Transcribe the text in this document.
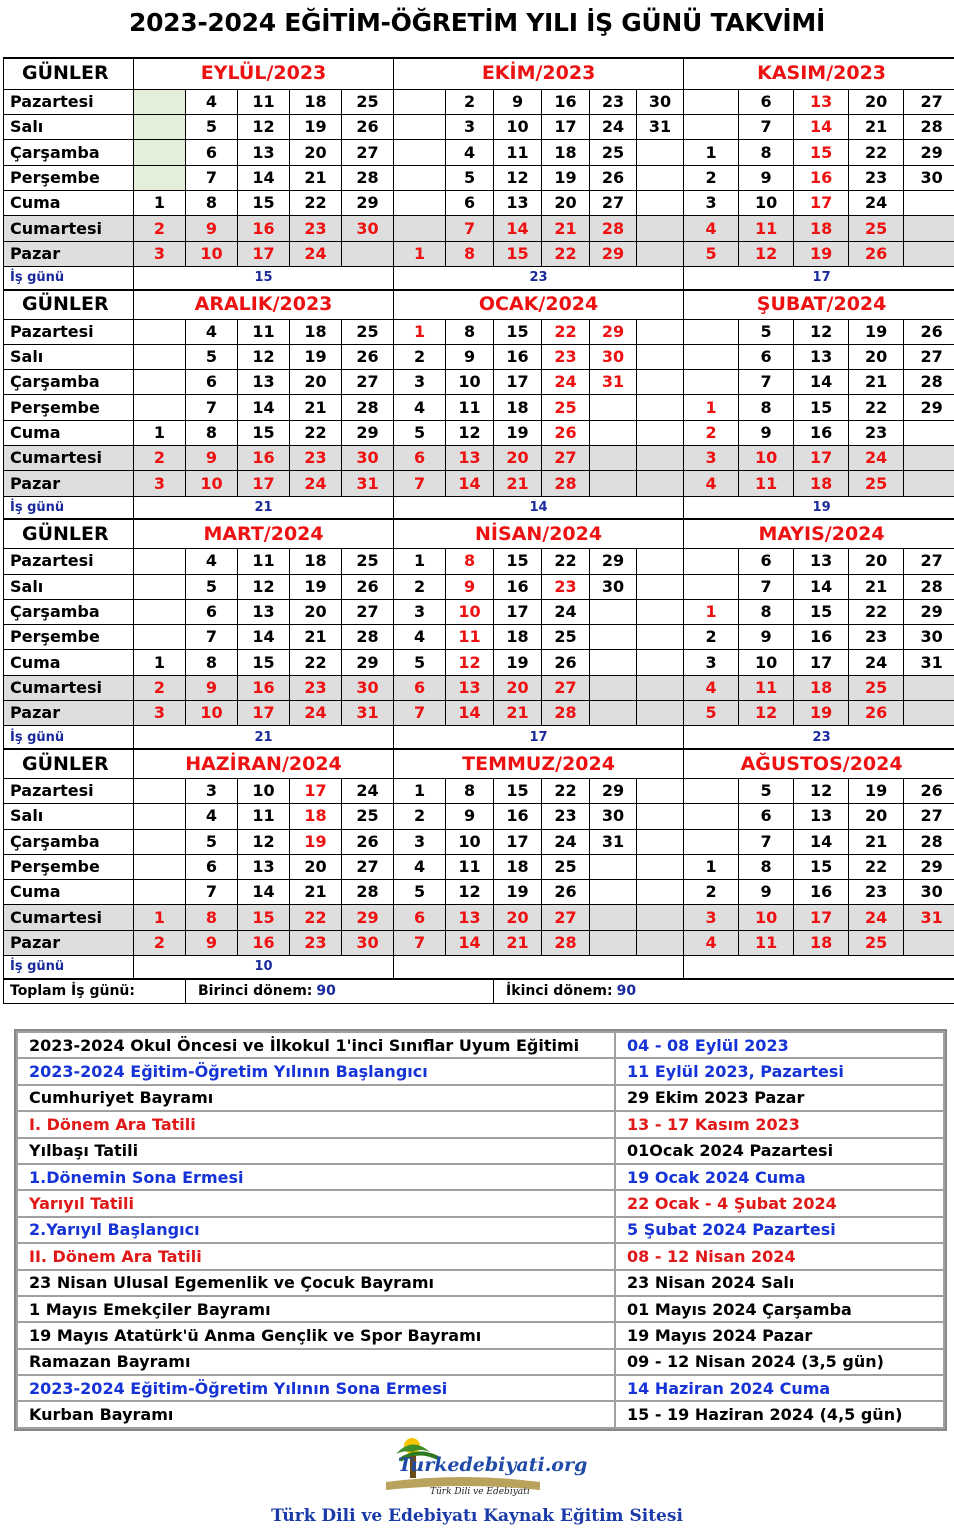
2023-2024 EĞİTİM-ÖĞRETİM YILI İŞ GÜNÜ TAKVİMİ
GÜNLER	EYLÜL/2023					EKİM/2023						KASIM/2023				
Pazartesi		4	11	18	25		2	9	16	23	30		6	13	20	27
Salı		5	12	19	26		3	10	17	24	31		7	14	21	28
Çarşamba		6	13	20	27		4	11	18	25		1	8	15	22	29
Perşembe		7	14	21	28		5	12	19	26		2	9	16	23	30
Cuma	1	8	15	22	29		6	13	20	27		3	10	17	24	
Cumartesi	2	9	16	23	30		7	14	21	28		4	11	18	25	
Pazar	3	10	17	24		1	8	15	22	29		5	12	19	26	
İş günü	15					23						17				
GÜNLER	ARALIK/2023					OCAK/2024						ŞUBAT/2024				
Pazartesi		4	11	18	25	1	8	15	22	29			5	12	19	26
Salı		5	12	19	26	2	9	16	23	30			6	13	20	27
Çarşamba		6	13	20	27	3	10	17	24	31			7	14	21	28
Perşembe		7	14	21	28	4	11	18	25			1	8	15	22	29
Cuma	1	8	15	22	29	5	12	19	26			2	9	16	23	
Cumartesi	2	9	16	23	30	6	13	20	27			3	10	17	24	
Pazar	3	10	17	24	31	7	14	21	28			4	11	18	25	
İş günü	21					14						19				
GÜNLER	MART/2024					NİSAN/2024						MAYIS/2024				
Pazartesi		4	11	18	25	1	8	15	22	29			6	13	20	27
Salı		5	12	19	26	2	9	16	23	30			7	14	21	28
Çarşamba		6	13	20	27	3	10	17	24			1	8	15	22	29
Perşembe		7	14	21	28	4	11	18	25			2	9	16	23	30
Cuma	1	8	15	22	29	5	12	19	26			3	10	17	24	31
Cumartesi	2	9	16	23	30	6	13	20	27			4	11	18	25	
Pazar	3	10	17	24	31	7	14	21	28			5	12	19	26	
İş günü	21					17						23				
GÜNLER	HAZİRAN/2024					TEMMUZ/2024						AĞUSTOS/2024				
Pazartesi		3	10	17	24	1	8	15	22	29			5	12	19	26
Salı		4	11	18	25	2	9	16	23	30			6	13	20	27
Çarşamba		5	12	19	26	3	10	17	24	31			7	14	21	28
Perşembe		6	13	20	27	4	11	18	25			1	8	15	22	29
Cuma		7	14	21	28	5	12	19	26			2	9	16	23	30
Cumartesi	1	8	15	22	29	6	13	20	27			3	10	17	24	31
Pazar	2	9	16	23	30	7	14	21	28			4	11	18	25	
İş günü	10															
Toplam İş günü:		Birinci dönem: 90						İkinci dönem: 90								
2023-2024 Okul Öncesi ve İlkokul 1'inci Sınıflar Uyum Eğitimi	04 - 08 Eylül 2023
2023-2024 Eğitim-Öğretim Yılının Başlangıcı	11 Eylül 2023, Pazartesi
Cumhuriyet Bayramı	29 Ekim 2023 Pazar
I. Dönem Ara Tatili	13 - 17 Kasım 2023
Yılbaşı Tatili	01Ocak 2024 Pazartesi
1.Dönemin Sona Ermesi	19 Ocak 2024 Cuma
Yarıyıl Tatili	22 Ocak - 4 Şubat 2024
2.Yarıyıl Başlangıcı	5 Şubat 2024 Pazartesi
II. Dönem Ara Tatili	08 - 12 Nisan 2024
23 Nisan Ulusal Egemenlik ve Çocuk Bayramı	23 Nisan 2024 Salı
1 Mayıs Emekçiler Bayramı	01 Mayıs 2024 Çarşamba
19 Mayıs Atatürk'ü Anma Gençlik ve Spor Bayramı	19 Mayıs 2024 Pazar
Ramazan Bayramı	09 - 12 Nisan 2024 (3,5 gün)
2023-2024 Eğitim-Öğretim Yılının Sona Ermesi	14 Haziran 2024 Cuma
Kurban Bayramı	15 - 19 Haziran 2024 (4,5 gün)
Turkedebiyati.org
Türk Dili ve Edebiyatı
Türk Dili ve Edebiyatı Kaynak Eğitim Sitesi
